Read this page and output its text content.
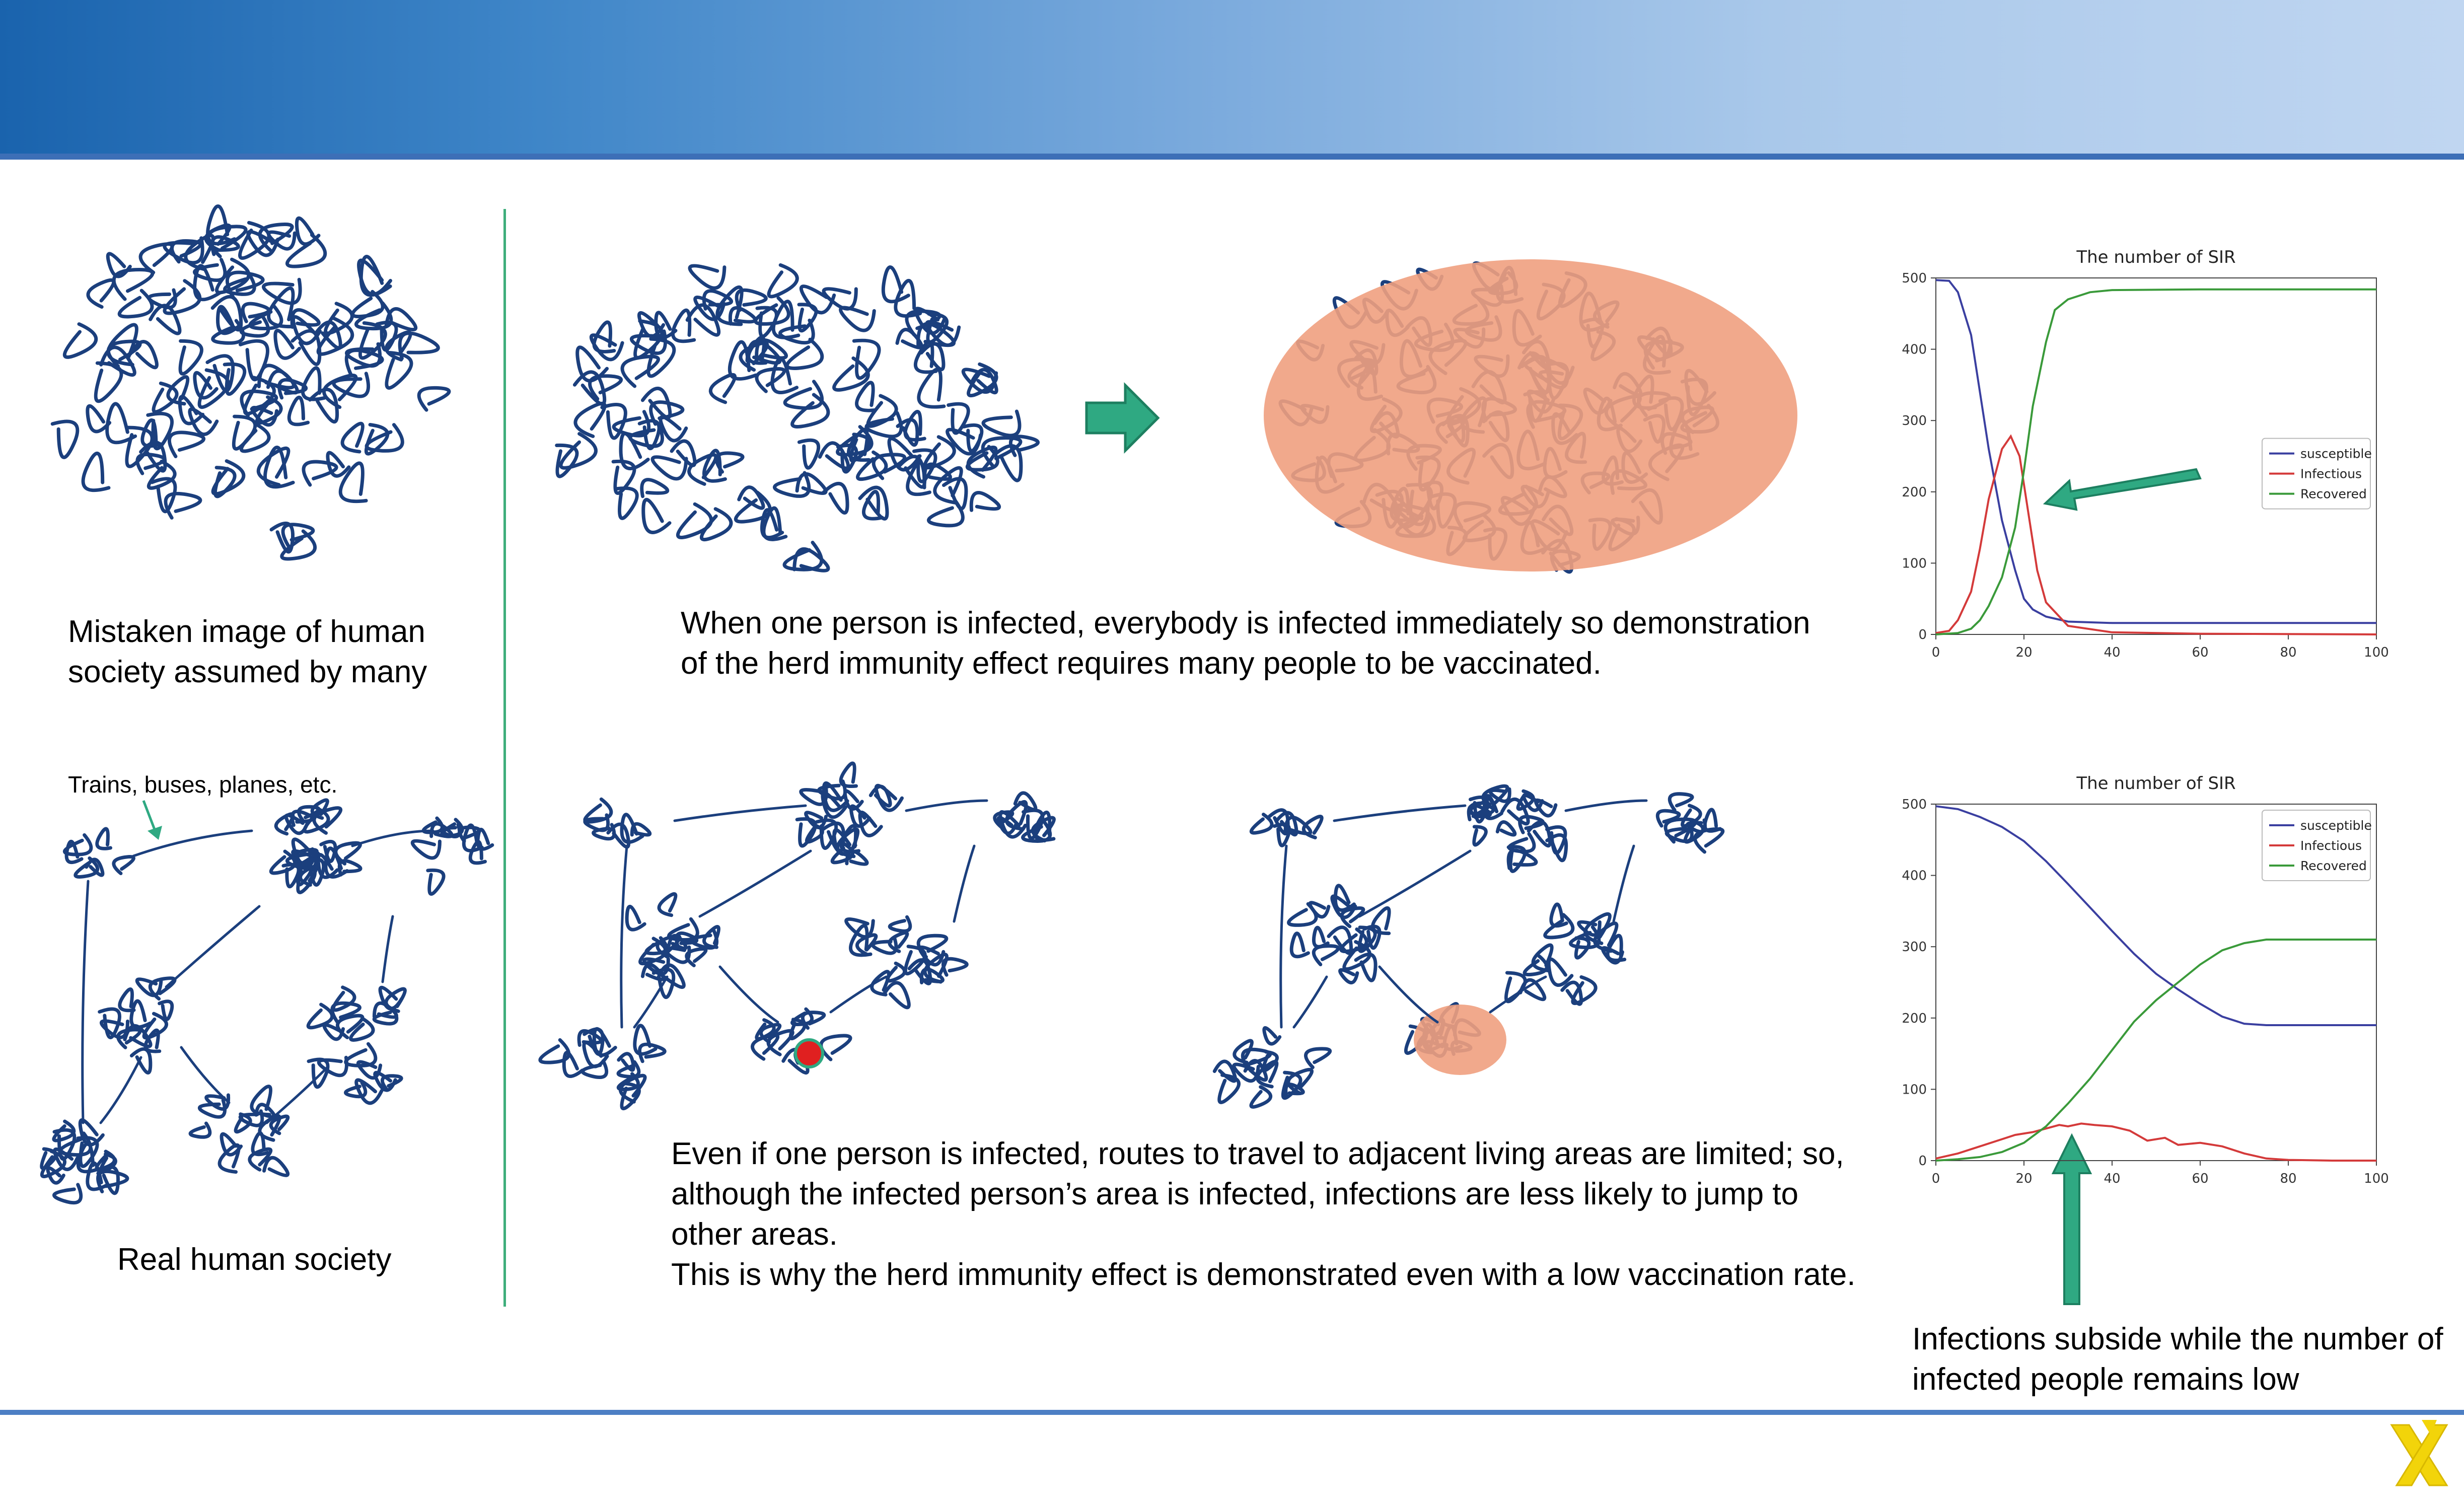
Mistaken image of human
society assumed by many
When one person is infected, everybody is infected immediately so demonstration
of the herd immunity effect requires many people to be vaccinated.
Trains, buses, planes, etc.
Real human society
Even if one person is infected, routes to travel to adjacent living areas are limited; so,
although the infected person’s area is infected, infections are less likely to jump to
other areas.
This is why the herd immunity effect is demonstrated even with a low vaccination rate.
Infections subside while the number of
infected people remains low
The number of SIR
0	20	40	60	80	100
0
100
200
300
400
500
susceptible
Infectious
Recovered
The number of SIR
0	20	40	60	80	100
0
100
200
300
400
500
susceptible
Infectious
Recovered
